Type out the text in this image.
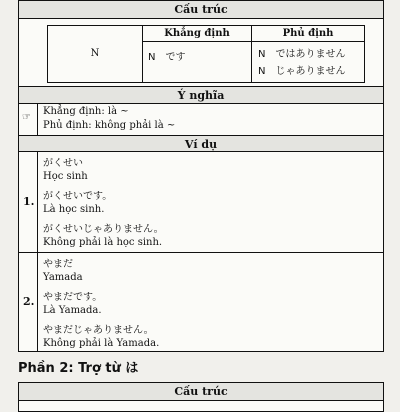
Cấu trúc
N
Khẳng định	Phủ định
N　です	N　ではありません
N　じゃありません
Ý nghĩa
☞
Khẳng định: là ~
Phủ định: không phải là ~
Ví dụ
1.
がくせい
Học sinh
がくせいです。
Là học sinh.
がくせいじゃありません。
Không phải là học sinh.
2.
やまだ
Yamada
やまだです。
Là Yamada.
やまだじゃありません。
Không phải là Yamada.
Phần 2: Trợ từ は
Cấu trúc
